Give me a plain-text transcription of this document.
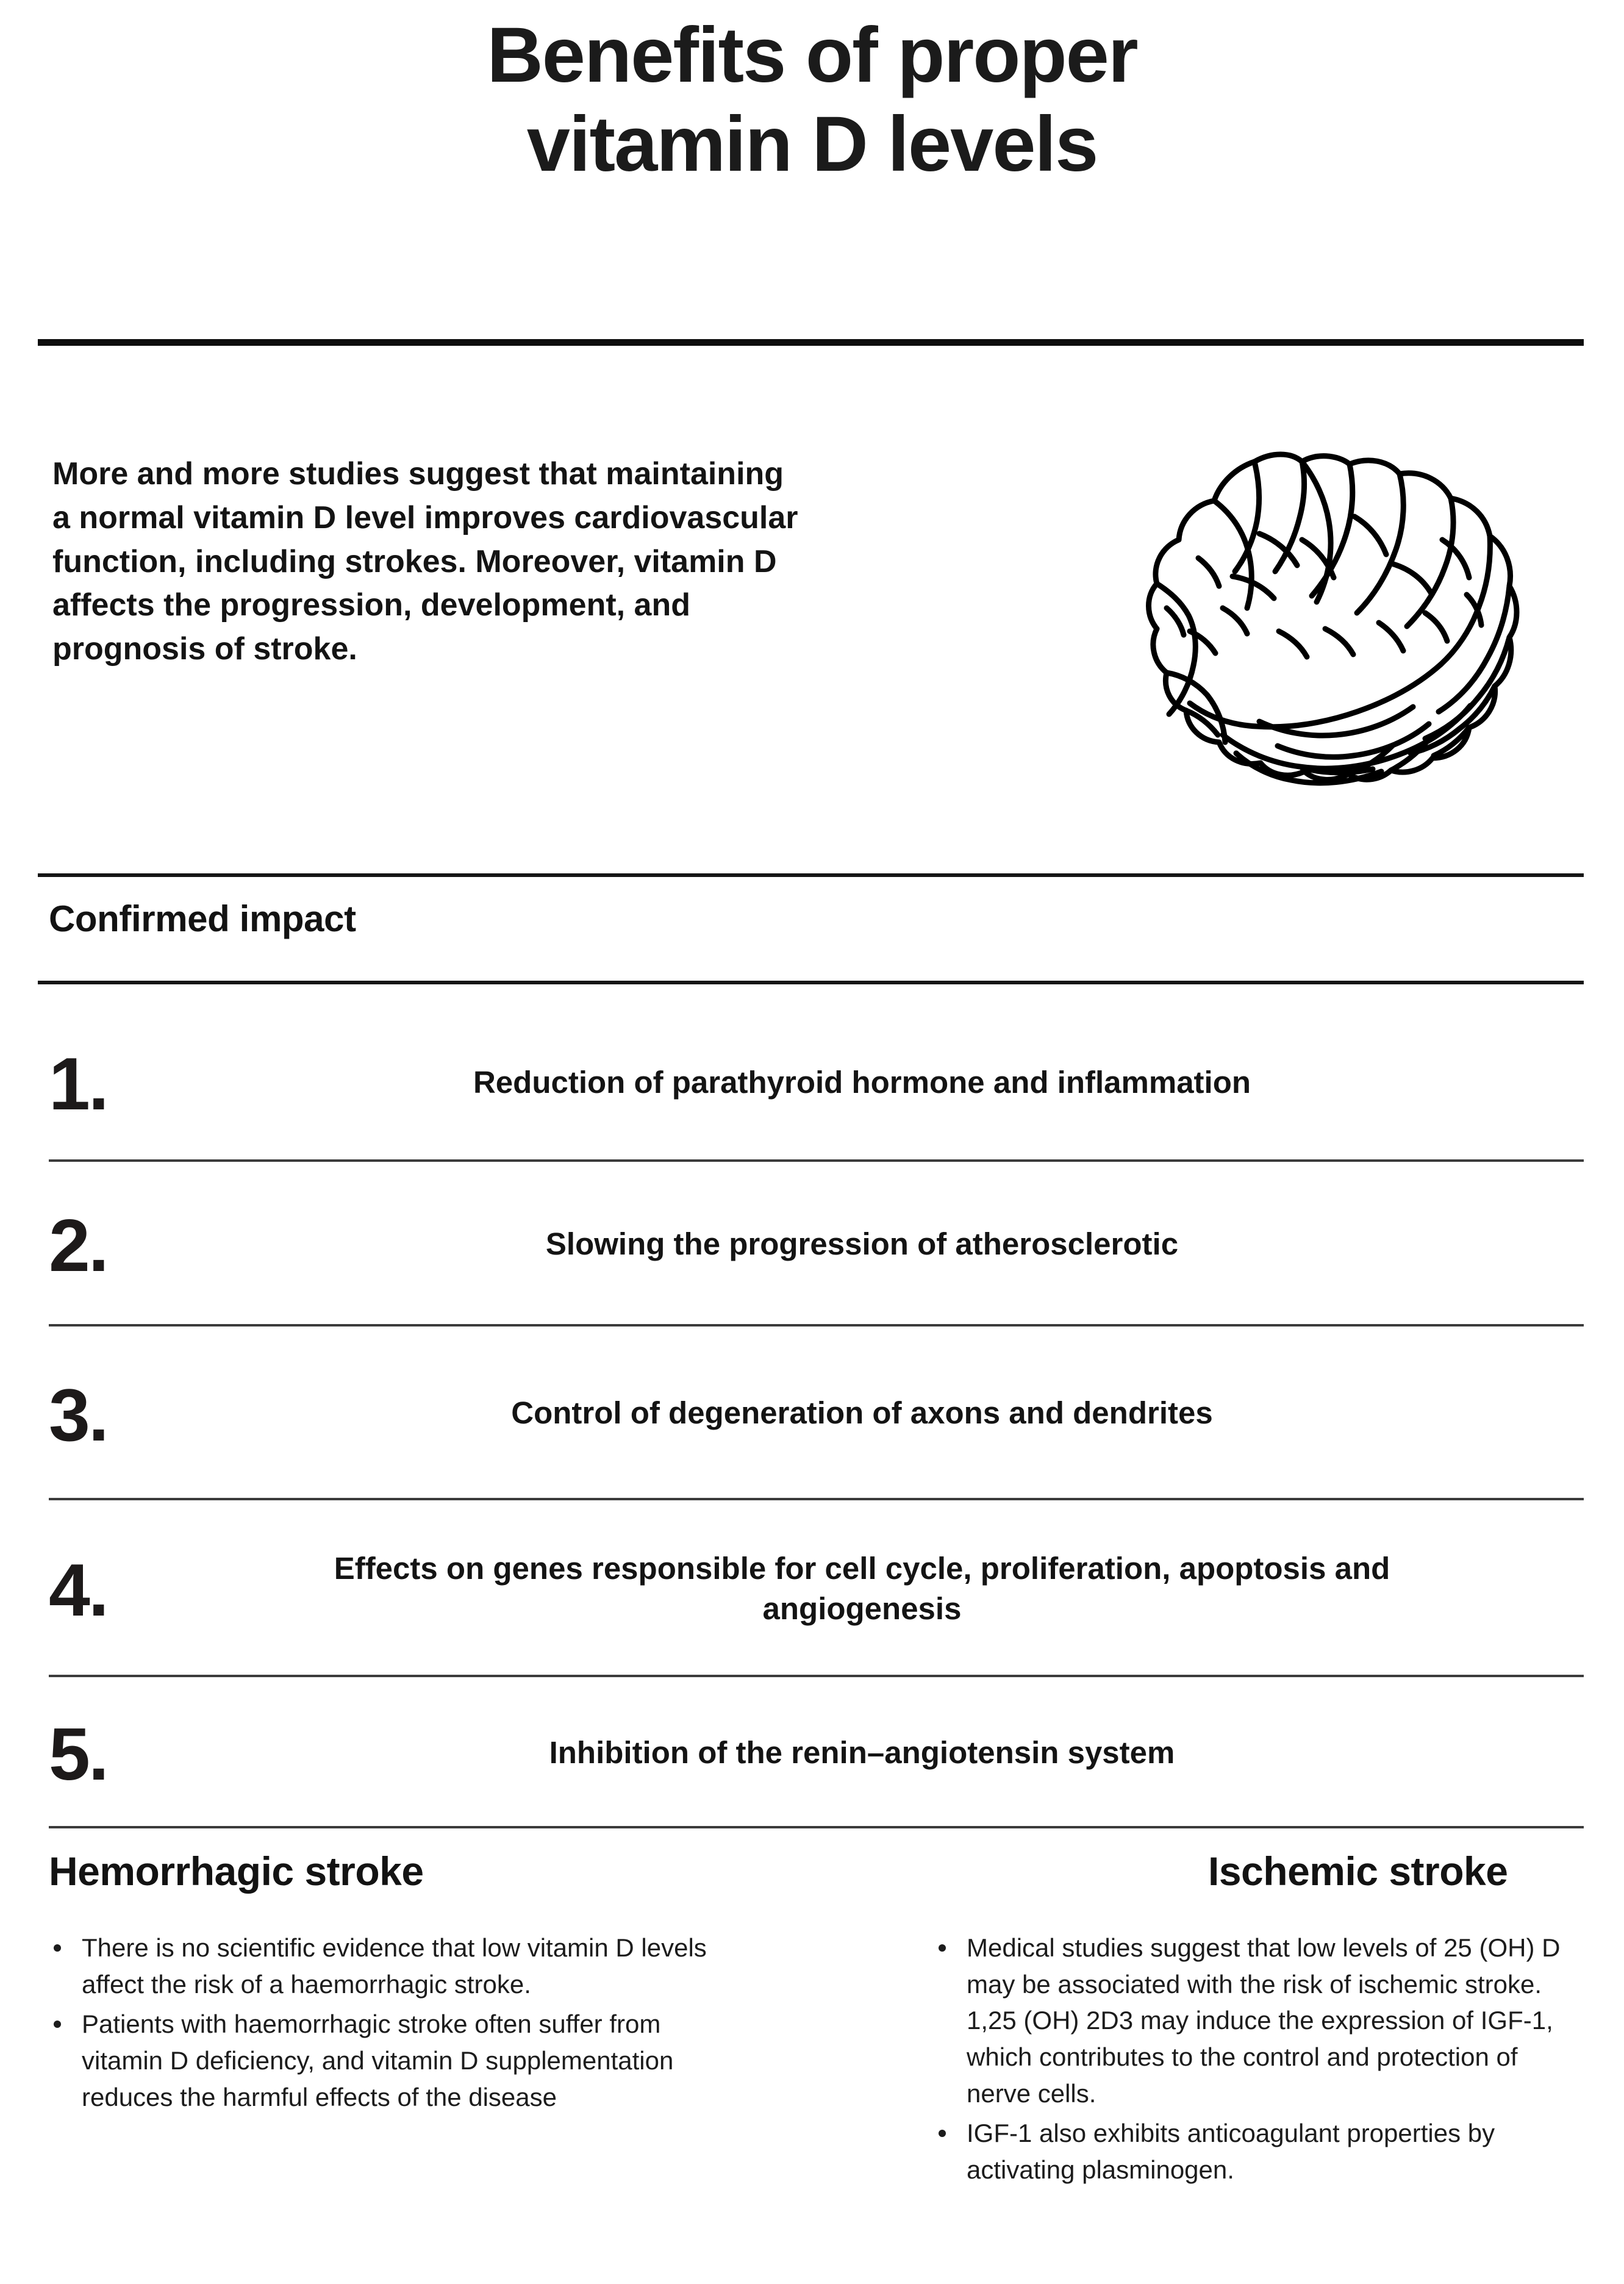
Benefits of proper
vitamin D levels
More and more studies suggest that maintaining a normal vitamin D level improves cardiovascular function, including strokes. Moreover, vitamin D affects the progression, development, and prognosis of stroke.
Confirmed impact
1.	Reduction of parathyroid hormone and inflammation
2.	Slowing the progression of atherosclerotic
3.	Control of degeneration of axons and dendrites
4.	Effects on genes responsible for cell cycle, proliferation, apoptosis and angiogenesis
5.	Inhibition of the renin–angiotensin system
Hemorrhagic stroke
There is no scientific evidence that low vitamin D levels affect the risk of a haemorrhagic stroke.
Patients with haemorrhagic stroke often suffer from vitamin D deficiency, and vitamin D supplementation reduces the harmful effects of the disease
Ischemic stroke
Medical studies suggest that low levels of 25 (OH) D may be associated with the risk of ischemic stroke. 1,25 (OH) 2D3 may induce the expression of IGF-1, which contributes to the control and protection of nerve cells.
IGF-1 also exhibits anticoagulant properties by activating plasminogen.
